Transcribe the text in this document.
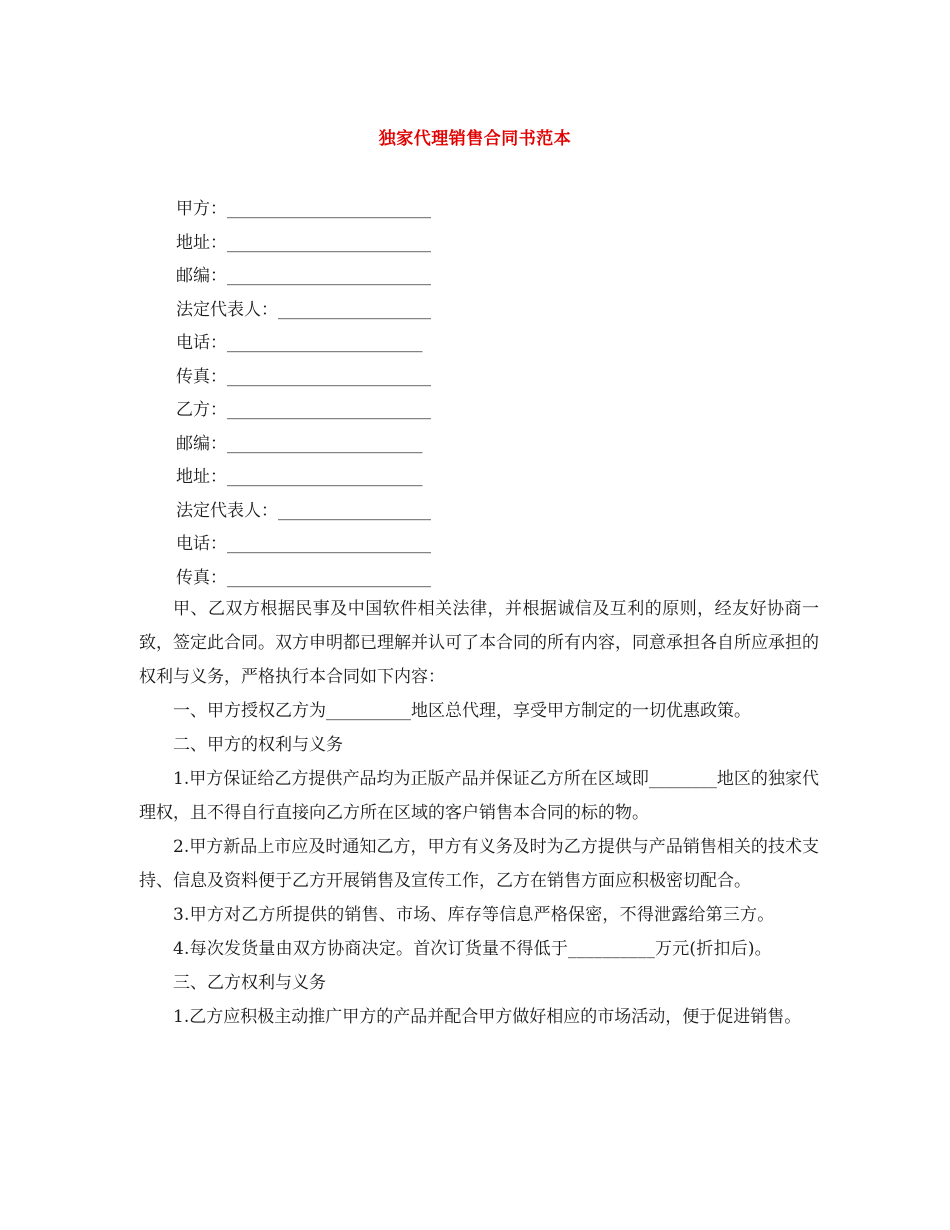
独家代理销售合同书范本
甲方：________________________
地址：________________________
邮编：________________________
法定代表人：__________________
电话：_______________________
传真：________________________
乙方：________________________
邮编：_______________________
地址：_______________________
法定代表人：__________________
电话：________________________
传真：________________________

甲、乙双方根据民事及中国软件相关法律，并根据诚信及互利的原则，经友好协商一致，签定此合同。双方申明都已理解并认可了本合同的所有内容，同意承担各自所应承担的权利与义务，严格执行本合同如下内容：

一、甲方授权乙方为__________地区总代理，享受甲方制定的一切优惠政策。

二、甲方的权利与义务

1.甲方保证给乙方提供产品均为正版产品并保证乙方所在区域即________地区的独家代理权，且不得自行直接向乙方所在区域的客户销售本合同的标的物。

2.甲方新品上市应及时通知乙方，甲方有义务及时为乙方提供与产品销售相关的技术支持、信息及资料便于乙方开展销售及宣传工作，乙方在销售方面应积极密切配合。

3.甲方对乙方所提供的销售、市场、库存等信息严格保密，不得泄露给第三方。

4.每次发货量由双方协商决定。首次订货量不得低于__________万元(折扣后)。

三、乙方权利与义务

1.乙方应积极主动推广甲方的产品并配合甲方做好相应的市场活动，便于促进销售。
